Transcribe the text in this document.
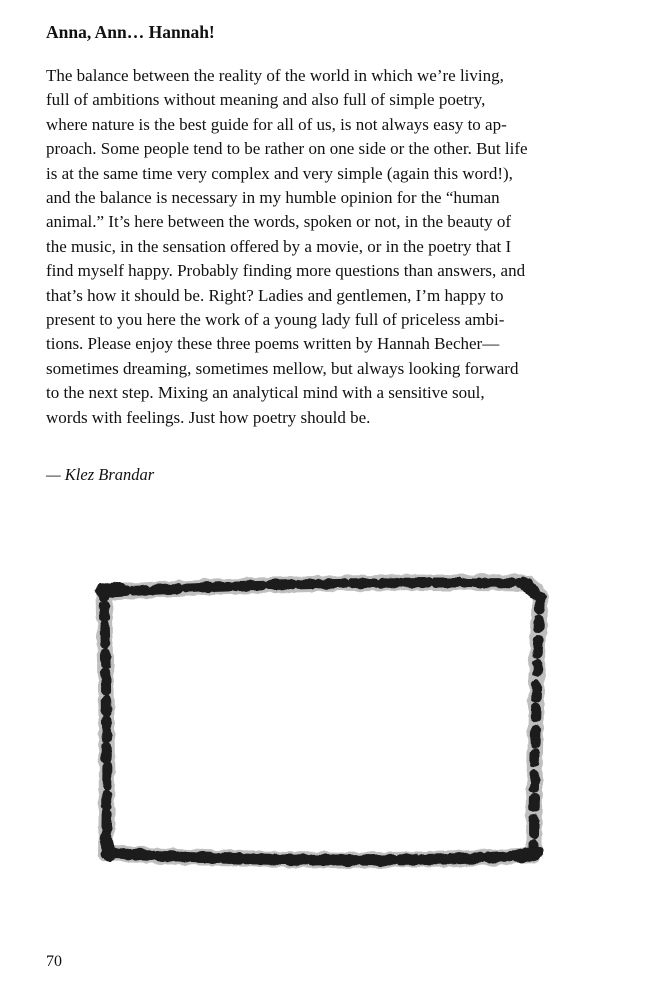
Anna, Ann… Hannah!

The balance between the reality of the world in which we’re living,
full of ambitions without meaning and also full of simple poetry,
where nature is the best guide for all of us, is not always easy to ap-
proach. Some people tend to be rather on one side or the other. But life
is at the same time very complex and very simple (again this word!),
and the balance is necessary in my humble opinion for the “human
animal.” It’s here between the words, spoken or not, in the beauty of
the music, in the sensation offered by a movie, or in the poetry that I
find myself happy. Probably finding more questions than answers, and
that’s how it should be. Right? Ladies and gentlemen, I’m happy to
present to you here the work of a young lady full of priceless ambi-
tions. Please enjoy these three poems written by Hannah Becher—
sometimes dreaming, sometimes mellow, but always looking forward
to the next step. Mixing an analytical mind with a sensitive soul,
words with feelings. Just how poetry should be.

— Klez Brandar

70
